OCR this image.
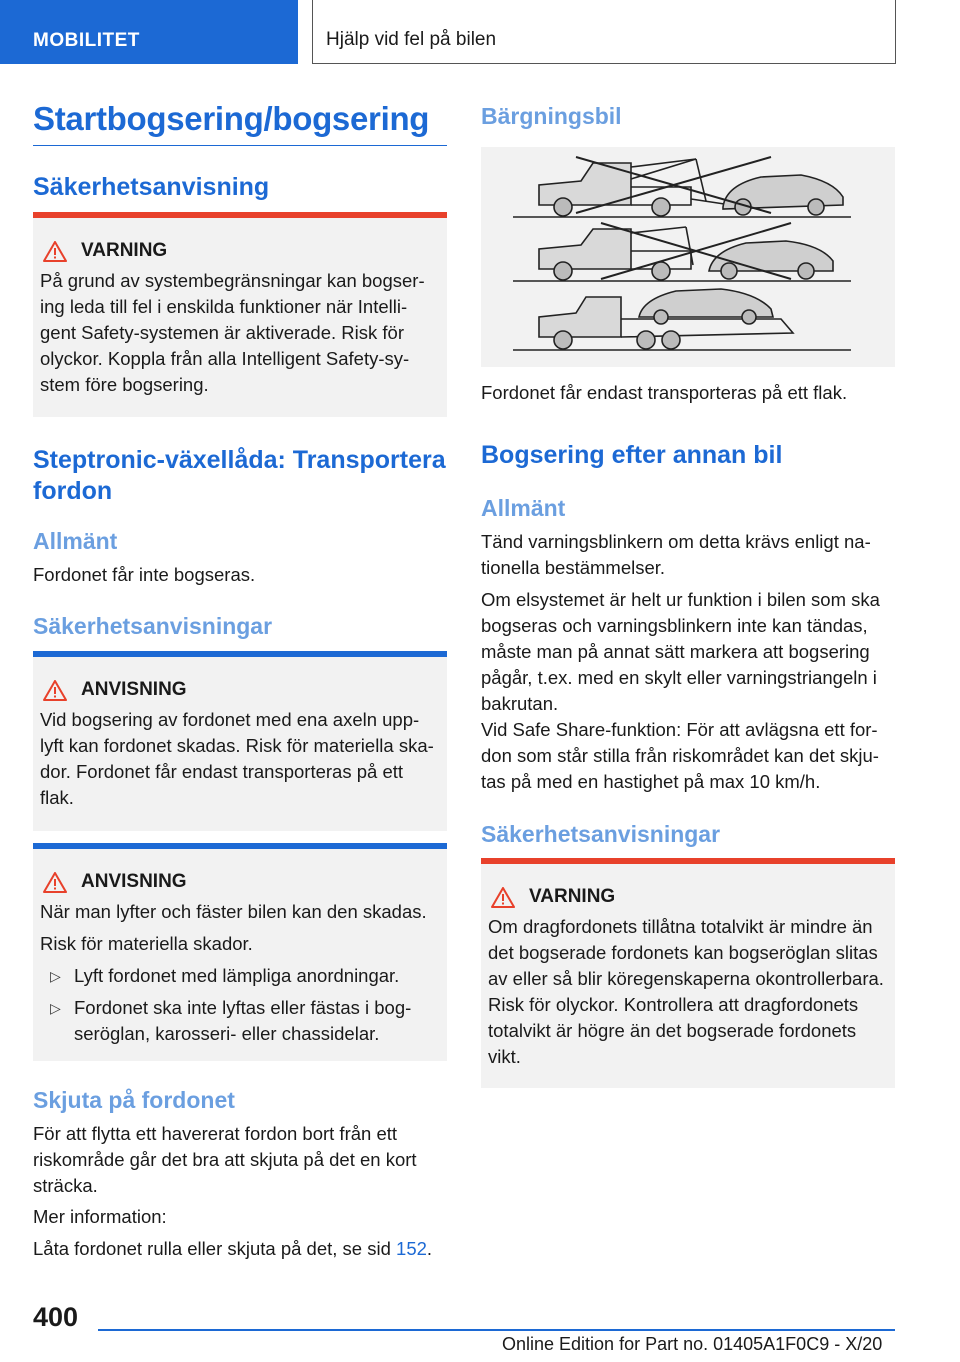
MOBILITET	Hjälp vid fel på bilen
Startbogsering/bogsering
Säkerhetsanvisning
VARNING
På grund av systembegränsningar kan bogser-ing leda till fel i enskilda funktioner när Intelli-gent Safety-systemen är aktiverade. Risk för olyckor. Koppla från alla Intelligent Safety-sy-stem före bogsering.
Steptronic-växellåda: Transportera fordon
Allmänt
Fordonet får inte bogseras.
Säkerhetsanvisningar
ANVISNING
Vid bogsering av fordonet med ena axeln upp-lyft kan fordonet skadas. Risk för materiella ska-dor. Fordonet får endast transporteras på ett flak.
ANVISNING
När man lyfter och fäster bilen kan den skadas.
Risk för materiella skador.
▷ Lyft fordonet med lämpliga anordningar.
▷ Fordonet ska inte lyftas eller fästas i bog-seröglan, karosseri- eller chassidelar.
Skjuta på fordonet
För att flytta ett havererat fordon bort från ett riskområde går det bra att skjuta på det en kort sträcka.
Mer information:
Låta fordonet rulla eller skjuta på det, se sid 152.
Bärgningsbil
Fordonet får endast transporteras på ett flak.
Bogsering efter annan bil
Allmänt
Tänd varningsblinkern om detta krävs enligt na-tionella bestämmelser.
Om elsystemet är helt ur funktion i bilen som ska bogseras och varningsblinkern inte kan tändas, måste man på annat sätt markera att bogsering pågår, t.ex. med en skylt eller varningstriangeln i bakrutan.
Vid Safe Share-funktion: För att avlägsna ett for-don som står stilla från riskområdet kan det skju-tas på med en hastighet på max 10 km/h.
Säkerhetsanvisningar
VARNING
Om dragfordonets tillåtna totalvikt är mindre än det bogserade fordonets kan bogseröglan slitas av eller så blir köregenskaperna okontrollerbara. Risk för olyckor. Kontrollera att dragfordonets totalvikt är högre än det bogserade fordonets vikt.
400
Online Edition for Part no. 01405A1F0C9 - X/20
